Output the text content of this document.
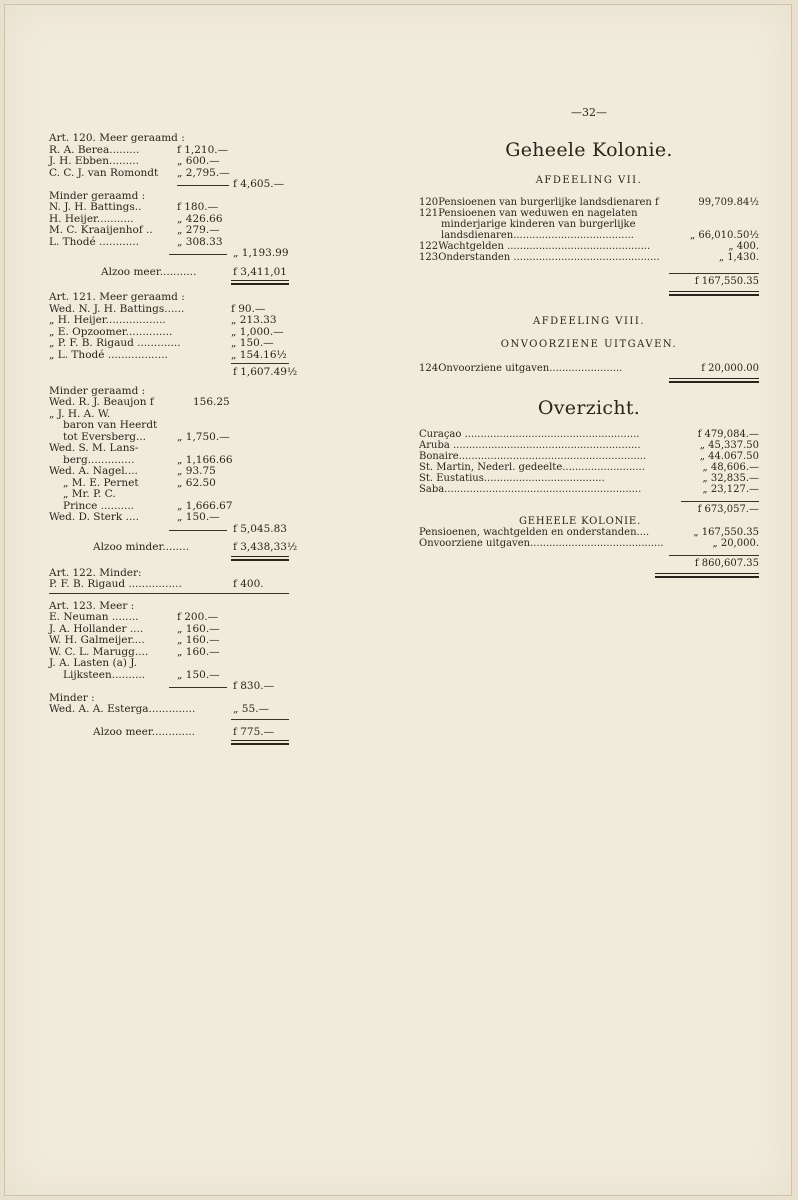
Art. 120. Meer geraamd :
R. A. Berea.........	f 1,210.—
J. H. Ebben.........	„ 600.—
C. C. J. van Romondt „ 2,795.—
f 4,605.—
Minder geraamd :
N. J. H. Battings..	f 180.—
H. Heijer...........	„ 426.66
M. C. Kraaijenhof .. „ 279.—
L. Thodé ............	„ 308.33
„ 1,193.99
Alzoo meer...........	f 3,411,01
Art. 121. Meer geraamd :
Wed. N. J. H. Battings......	f 90.—
„ H. Heijer..................	„ 213.33
„ E. Opzoomer..............	„ 1,000.—
„ P. F. B. Rigaud .............	„ 150.—
„ L. Thodé ..................	„ 154.16½
f 1,607.49½
Minder geraamd :
Wed. R. J. Beaujon f	156.25
„ J. H. A. W.
baron van Heerdt
tot Eversberg...	„ 1,750.—
Wed. S. M. Lans-
berg..............	„ 1,166.66
Wed. A. Nagel....	„ 93.75
„ M. E. Pernet	„ 62.50
„ Mr. P. C.
Prince ..........	„ 1,666.67
Wed. D. Sterk ....	„ 150.—
f 5,045.83
Alzoo minder........	f 3,438,33½
Art. 122. Minder:
P. F. B. Rigaud ................	f 400.
Art. 123. Meer :
E. Neuman ........	f 200.—
J. A. Hollander ....	„ 160.—
W. H. Galmeijer....	„ 160.—
W. C. L. Marugg....	„ 160.—
J. A. Lasten (a) J.
Lijksteen..........	„ 150.—
f 830.—
Minder :
Wed. A. A. Esterga..............	„ 55.—
Alzoo meer.............	f 775.—
—32—
Geheele Kolonie.
AFDEELING VII.
120 Pensioenen van burgerlijke landsdienaren f	99,709.84½
121 Pensioenen van weduwen en nagelaten
minderjarige kinderen van burgerlijke
landsdienaren......................................	„ 66,010.50½
122 Wachtgelden .............................................	„ 400.
123 Onderstanden ..............................................	„ 1,430.
f 167,550.35
AFDEELING VIII.
ONVOORZIENE UITGAVEN.
124 Onvoorziene uitgaven.......................	f 20,000.00
Overzicht.
Curaçao .......................................................	f 479,084.—
Aruba ...........................................................	„ 45,337.50
Bonaire...........................................................	„ 44.067.50
St. Martin, Nederl. gedeelte..........................	„ 48,606.—
St. Eustatius......................................	„ 32,835.—
Saba..............................................................	„ 23,127.—
f 673,057.—
GEHEELE KOLONIE.
Pensioenen, wachtgelden en onderstanden....	„ 167,550.35
Onvoorziene uitgaven..........................................	„ 20,000.
f 860,607.35
